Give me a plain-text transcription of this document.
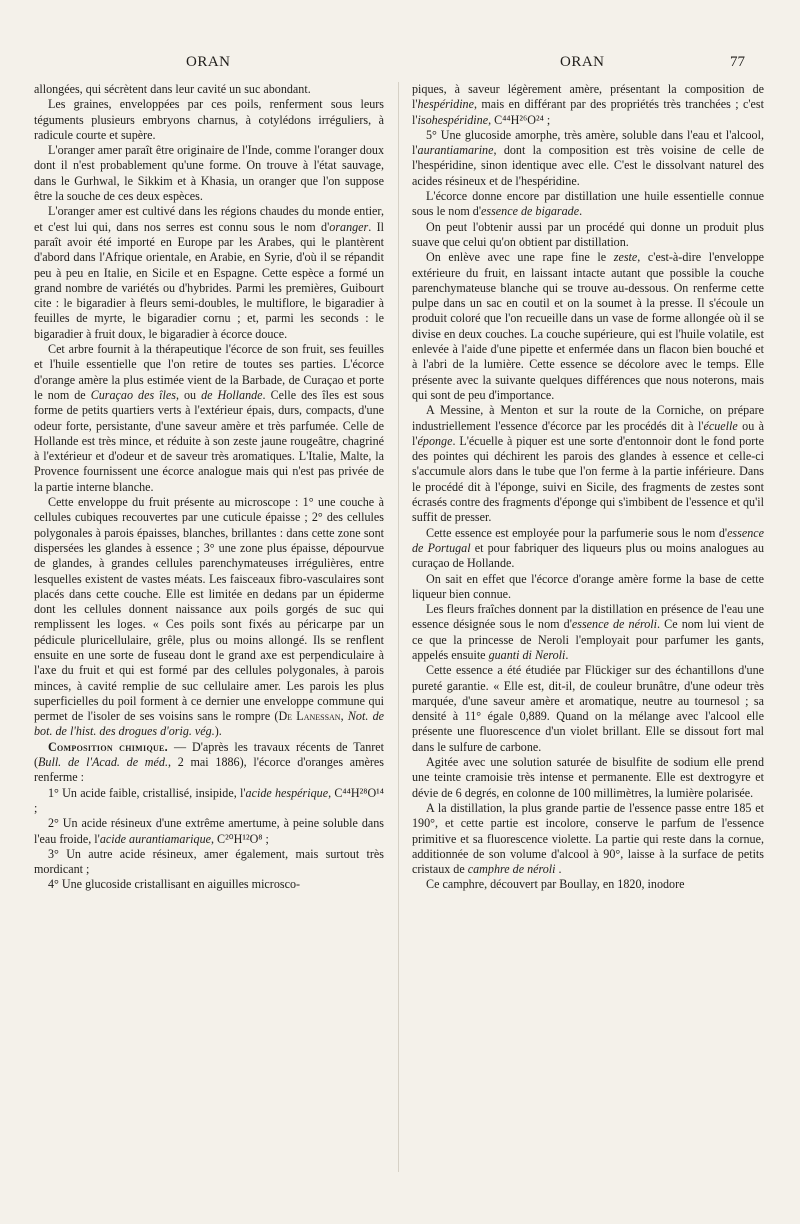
ORAN	ORAN	77

allongées, qui sécrètent dans leur cavité un suc abondant.

Les graines, enveloppées par ces poils, renferment sous leurs téguments plusieurs embryons charnus, à cotylédons irréguliers, à radicule courte et supère.

L'oranger amer paraît être originaire de l'Inde, comme l'oranger doux dont il n'est probablement qu'une forme. On trouve à l'état sauvage, dans le Gurhwal, le Sikkim et à Khasia, un oranger que l'on suppose être la souche de ces deux espèces.

L'oranger amer est cultivé dans les régions chaudes du monde entier, et c'est lui qui, dans nos serres est connu sous le nom d'oranger. Il paraît avoir été importé en Europe par les Arabes, qui le plantèrent d'abord dans l'Afrique orientale, en Arabie, en Syrie, d'où il se répandit peu à peu en Italie, en Sicile et en Espagne. Cette espèce a formé un grand nombre de variétés ou d'hybrides. Parmi les premières, Guibourt cite : le bigaradier à fleurs semi-doubles, le multiflore, le bigaradier à feuilles de myrte, le bigaradier cornu ; et, parmi les seconds : le bigaradier à fruit doux, le bigaradier à écorce douce.

Cet arbre fournit à la thérapeutique l'écorce de son fruit, ses feuilles et l'huile essentielle que l'on retire de toutes ses parties. L'écorce d'orange amère la plus estimée vient de la Barbade, de Curaçao et porte le nom de Curaçao des îles, ou de Hollande. Celle des îles est sous forme de petits quartiers verts à l'extérieur épais, durs, compacts, d'une odeur forte, persistante, d'une saveur amère et très parfumée. Celle de Hollande est très mince, et réduite à son zeste jaune rougeâtre, chagriné à l'extérieur et d'odeur et de saveur très aromatiques. L'Italie, Malte, la Provence fournissent une écorce analogue mais qui n'est pas privée de la partie interne blanche.

Cette enveloppe du fruit présente au microscope : 1° une couche à cellules cubiques recouvertes par une cuticule épaisse ; 2° des cellules polygonales à parois épaisses, blanches, brillantes : dans cette zone sont dispersées les glandes à essence ; 3° une zone plus épaisse, dépourvue de glandes, à grandes cellules parenchymateuses irrégulières, entre lesquelles existent de vastes méats. Les faisceaux fibro-vasculaires sont placés dans cette couche. Elle est limitée en dedans par un épiderme dont les cellules donnent naissance aux poils gorgés de suc qui remplissent les loges. « Ces poils sont fixés au péricarpe par un pédicule pluricellulaire, grêle, plus ou moins allongé. Ils se renflent ensuite en une sorte de fuseau dont le grand axe est perpendiculaire à l'axe du fruit et qui est formé par des cellules polygonales, à parois minces, à cavité remplie de suc cellulaire amer. Les parois les plus superficielles du poil forment à ce dernier une enveloppe commune qui permet de l'isoler de ses voisins sans le rompre (De Lanessan, Not. de bot. de l'hist. des drogues d'orig. vég.).

Composition chimique. — D'après les travaux récents de Tanret (Bull. de l'Acad. de méd., 2 mai 1886), l'écorce d'oranges amères renferme :

1° Un acide faible, cristallisé, insipide, l'acide hespérique, C⁴⁴H²⁸O¹⁴ ;

2° Un acide résineux d'une extrême amertume, à peine soluble dans l'eau froide, l'acide aurantiamarique, C²⁰H¹²O⁸ ;

3° Un autre acide résineux, amer également, mais surtout très mordicant ;

4° Une glucoside cristallisant en aiguilles microsco-

piques, à saveur légèrement amère, présentant la composition de l'hespéridine, mais en différant par des propriétés très tranchées ; c'est l'isohespéridine, C⁴⁴H²⁶O²⁴ ;

5° Une glucoside amorphe, très amère, soluble dans l'eau et l'alcool, l'aurantiamarine, dont la composition est très voisine de celle de l'hespéridine, sinon identique avec elle. C'est le dissolvant naturel des acides résineux et de l'hespéridine.

L'écorce donne encore par distillation une huile essentielle connue sous le nom d'essence de bigarade.

On peut l'obtenir aussi par un procédé qui donne un produit plus suave que celui qu'on obtient par distillation.

On enlève avec une rape fine le zeste, c'est-à-dire l'enveloppe extérieure du fruit, en laissant intacte autant que possible la couche parenchymateuse blanche qui se trouve au-dessous. On renferme cette pulpe dans un sac en coutil et on la soumet à la presse. Il s'écoule un produit coloré que l'on recueille dans un vase de forme allongée où il se divise en deux couches. La couche supérieure, qui est l'huile volatile, est enlevée à l'aide d'une pipette et enfermée dans un flacon bien bouché et à l'abri de la lumière. Cette essence se décolore avec le temps. Elle présente avec la suivante quelques différences que nous noterons, mais qui sont de peu d'importance.

A Messine, à Menton et sur la route de la Corniche, on prépare industriellement l'essence d'écorce par les procédés dit à l'écuelle ou à l'éponge. L'écuelle à piquer est une sorte d'entonnoir dont le fond porte des pointes qui déchirent les parois des glandes à essence et celle-ci s'accumule alors dans le tube que l'on ferme à la partie inférieure. Dans le procédé dit à l'éponge, suivi en Sicile, des fragments de zestes sont écrasés contre des fragments d'éponge qui s'imbibent de l'essence et qu'il suffit de presser.

Cette essence est employée pour la parfumerie sous le nom d'essence de Portugal et pour fabriquer des liqueurs plus ou moins analogues au curaçao de Hollande.

On sait en effet que l'écorce d'orange amère forme la base de cette liqueur bien connue.

Les fleurs fraîches donnent par la distillation en présence de l'eau une essence désignée sous le nom d'essence de néroli. Ce nom lui vient de ce que la princesse de Neroli l'employait pour parfumer les gants, appelés ensuite guanti di Neroli.

Cette essence a été étudiée par Flückiger sur des échantillons d'une pureté garantie. « Elle est, dit-il, de couleur brunâtre, d'une odeur très marquée, d'une saveur amère et aromatique, neutre au tournesol ; sa densité à 11° égale 0,889. Quand on la mélange avec l'alcool elle présente une fluorescence d'un violet brillant. Elle se dissout fort mal dans le sulfure de carbone.

Agitée avec une solution saturée de bisulfite de sodium elle prend une teinte cramoisie très intense et permanente. Elle est dextrogyre et dévie de 6 degrés, en colonne de 100 millimètres, la lumière polarisée.

A la distillation, la plus grande partie de l'essence passe entre 185 et 190°, et cette partie est incolore, conserve le parfum de l'essence primitive et sa fluorescence violette. La partie qui reste dans la cornue, additionnée de son volume d'alcool à 90°, laisse à la surface de petits cristaux de camphre de néroli .

Ce camphre, découvert par Boullay, en 1820, inodore
